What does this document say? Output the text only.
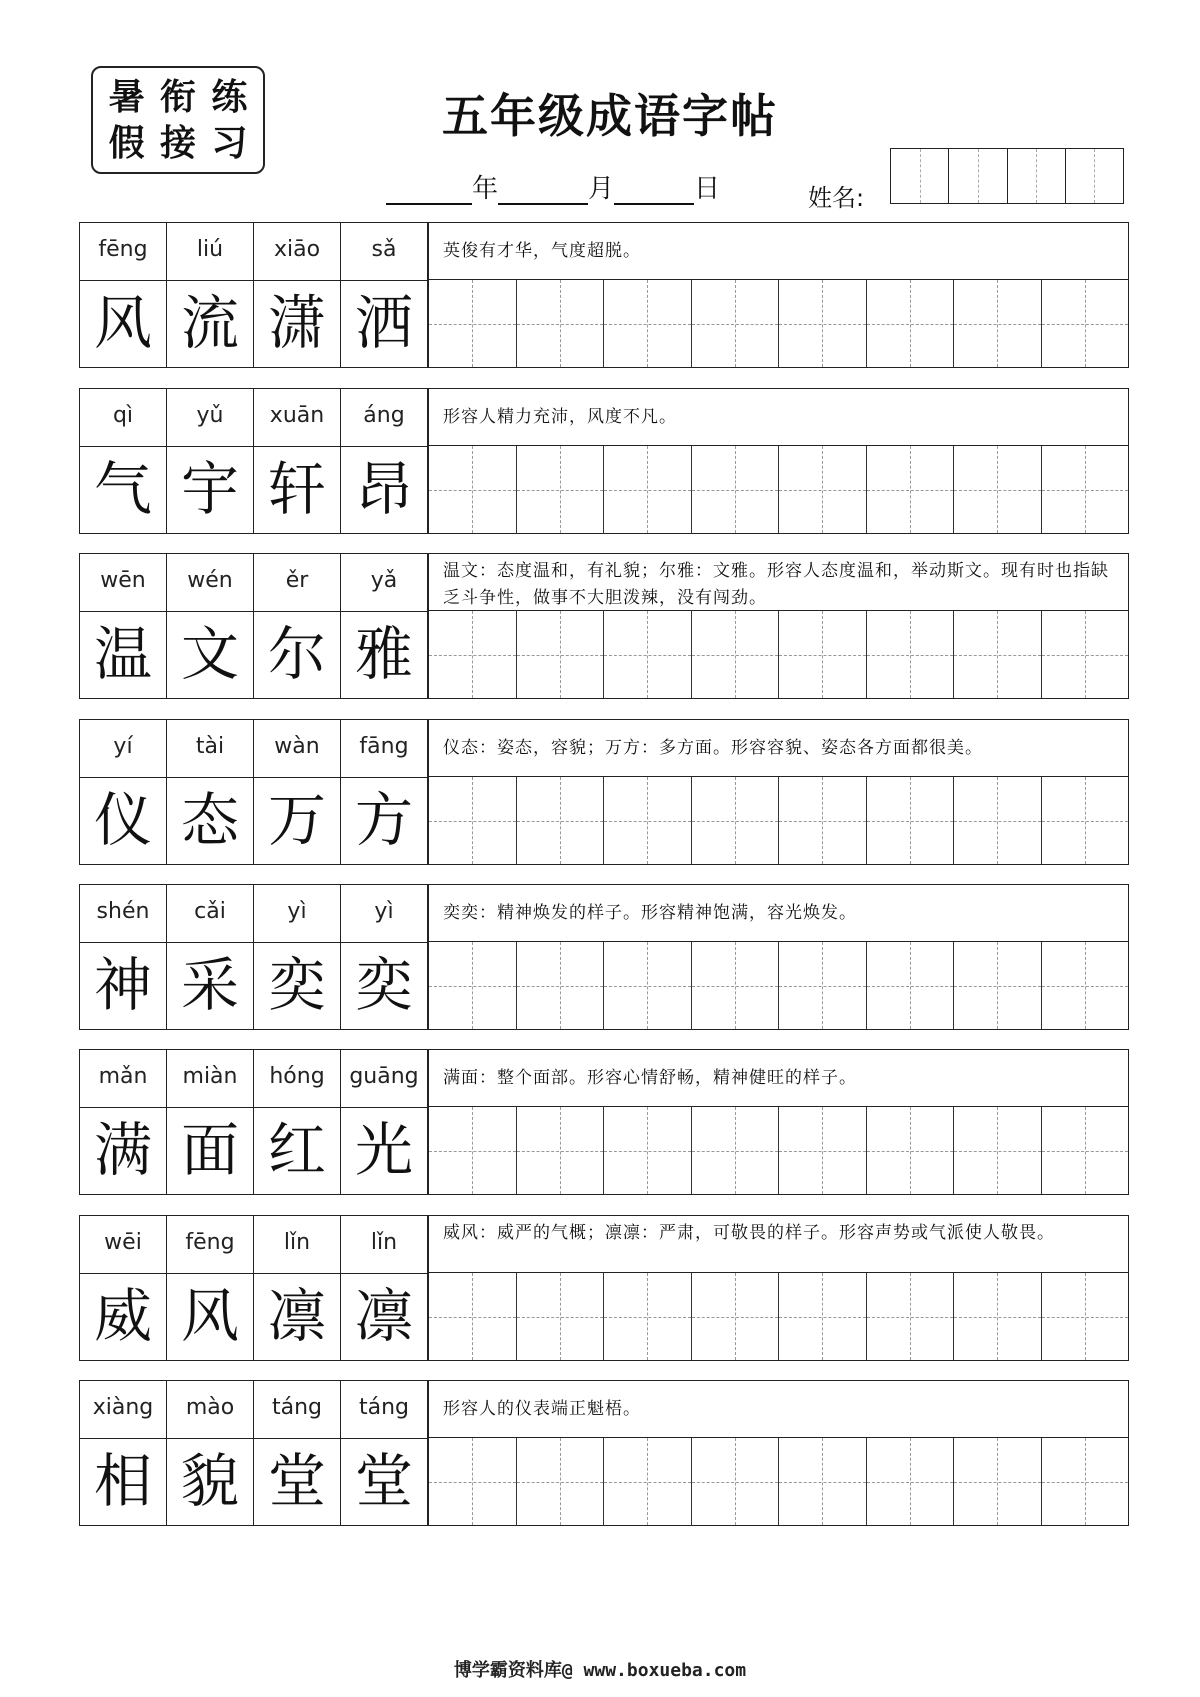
暑 衔 练
假 接 习	五年级成语字帖
年	月	日	姓名:
fēng	liú	xiāo	sǎ	英俊有才华，气度超脱。
风 流 潇 洒
qì	yǔ	xuān	áng	形容人精力充沛，风度不凡。
气 宇 轩 昂
wēn	wén	ěr	yǎ	温文：态度温和，有礼貌；尔雅：文雅。形容人态度温和，举动斯文。现有时也指缺乏斗争性，做事不大胆泼辣，没有闯劲。
温 文 尔 雅
yí	tài	wàn	fāng	仪态：姿态，容貌；万方：多方面。形容容貌、姿态各方面都很美。
仪 态 万 方
shén	cǎi	yì	yì	奕奕：精神焕发的样子。形容精神饱满，容光焕发。
神 采 奕 奕
mǎn	miàn	hóng	guāng	满面：整个面部。形容心情舒畅，精神健旺的样子。
满 面 红 光
wēi	fēng	lǐn	lǐn	威风：威严的气概；凛凛：严肃，可敬畏的样子。形容声势或气派使人敬畏。
威 风 凛 凛
xiàng	mào	táng	táng	形容人的仪表端正魁梧。
相 貌 堂 堂
博学霸资料库@ www.boxueba.com
